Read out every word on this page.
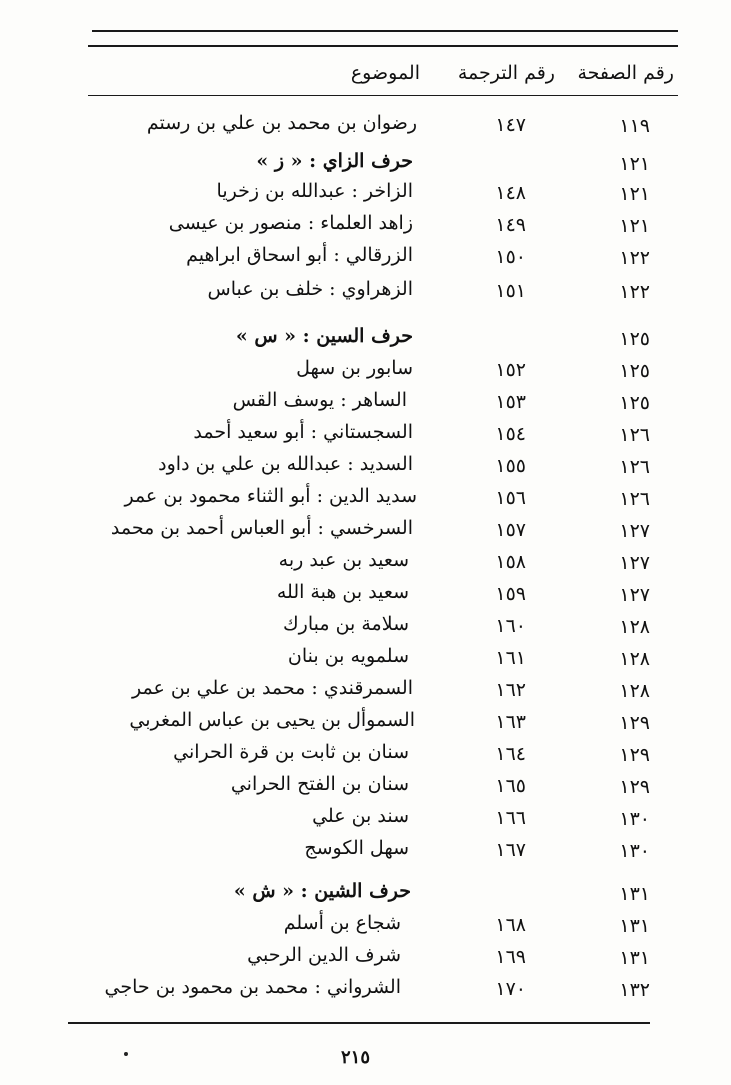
رقم الصفحة
رقم الترجمة
الموضوع
١١٩
١٤٧
رضوان بن محمد بن علي بن رستم
١٢١
حرف الزاي : « ز »
١٢١
١٤٨
الزاخر : عبدالله بن زخريا
١٢١
١٤٩
زاهد العلماء : منصور بن عيسى
١٢٢
١٥٠
الزرقالي : أبو اسحاق ابراهيم
١٢٢
١٥١
الزهراوي : خلف بن عباس
١٢٥
حرف السين : « س »
١٢٥
١٥٢
سابور بن سهل
١٢٥
١٥٣
الساهر : يوسف القس
١٢٦
١٥٤
السجستاني : أبو سعيد أحمد
١٢٦
١٥٥
السديد : عبدالله بن علي بن داود
١٢٦
١٥٦
سديد الدين : أبو الثناء محمود بن عمر
١٢٧
١٥٧
السرخسي : أبو العباس أحمد بن محمد
١٢٧
١٥٨
سعيد بن عبد ربه
١٢٧
١٥٩
سعيد بن هبة الله
١٢٨
١٦٠
سلامة بن مبارك
١٢٨
١٦١
سلمويه بن بنان
١٢٨
١٦٢
السمرقندي : محمد بن علي بن عمر
١٢٩
١٦٣
السموأل بن يحيى بن عباس المغربي
١٢٩
١٦٤
سنان بن ثابت بن قرة الحراني
١٢٩
١٦٥
سنان بن الفتح الحراني
١٣٠
١٦٦
سند بن علي
١٣٠
١٦٧
سهل الكوسج
١٣١
حرف الشين : « ش »
١٣١
١٦٨
شجاع بن أسلم
١٣١
١٦٩
شرف الدين الرحبي
١٣٢
١٧٠
الشرواني : محمد بن محمود بن حاجي
٢١٥
